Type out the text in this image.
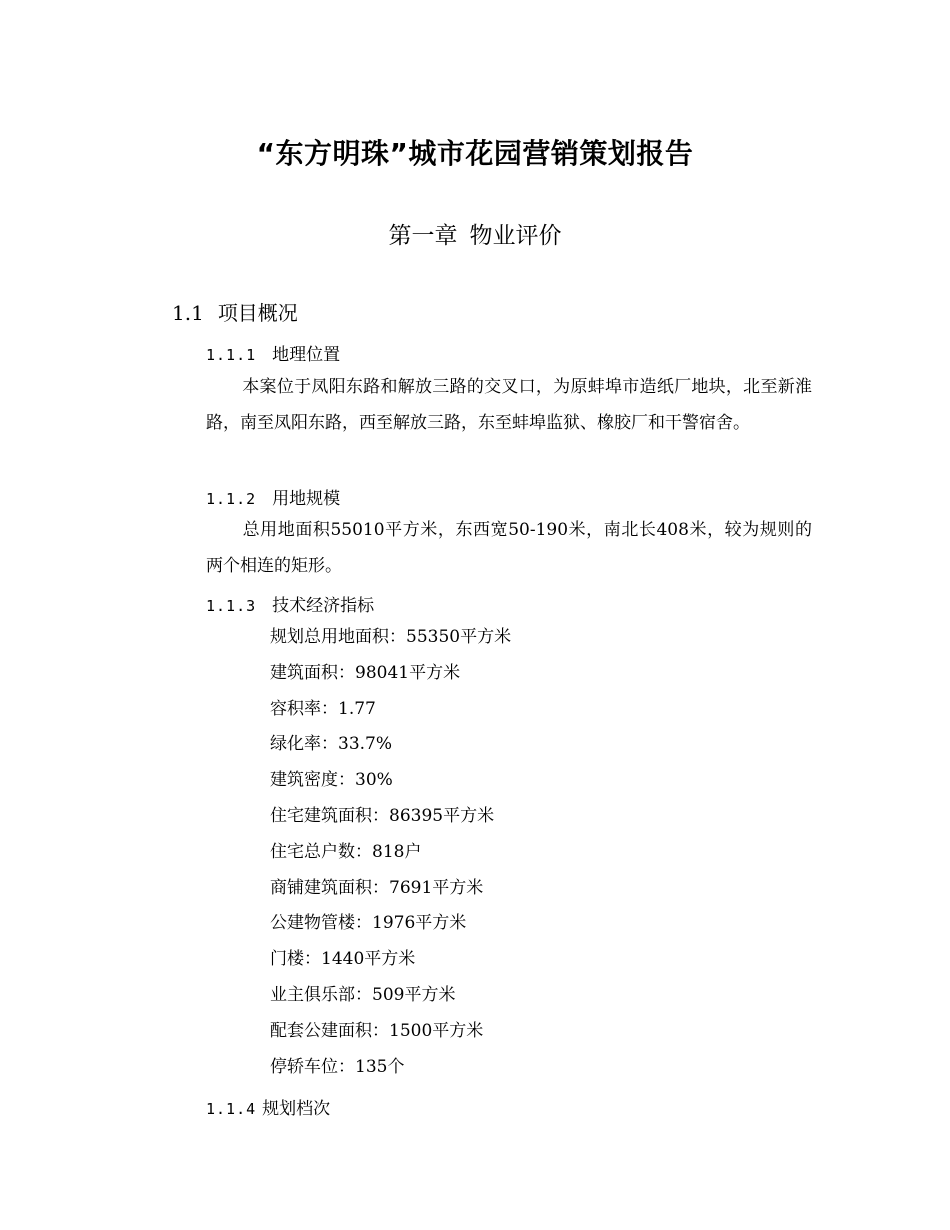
“东方明珠”城市花园营销策划报告
第一章 物业评价
1.1 项目概况
1.1.1 地理位置
本案位于凤阳东路和解放三路的交叉口，为原蚌埠市造纸厂地块，北至新淮路，南至凤阳东路，西至解放三路，东至蚌埠监狱、橡胶厂和干警宿舍。
1.1.2 用地规模
总用地面积55010平方米，东西宽50-190米，南北长408米，较为规则的两个相连的矩形。
1.1.3 技术经济指标
规划总用地面积：55350平方米
建筑面积：98041平方米
容积率：1.77
绿化率：33.7%
建筑密度：30%
住宅建筑面积：86395平方米
住宅总户数：818户
商铺建筑面积：7691平方米
公建物管楼：1976平方米
门楼：1440平方米
业主俱乐部：509平方米
配套公建面积：1500平方米
停轿车位：135个
1.1.4 规划档次
